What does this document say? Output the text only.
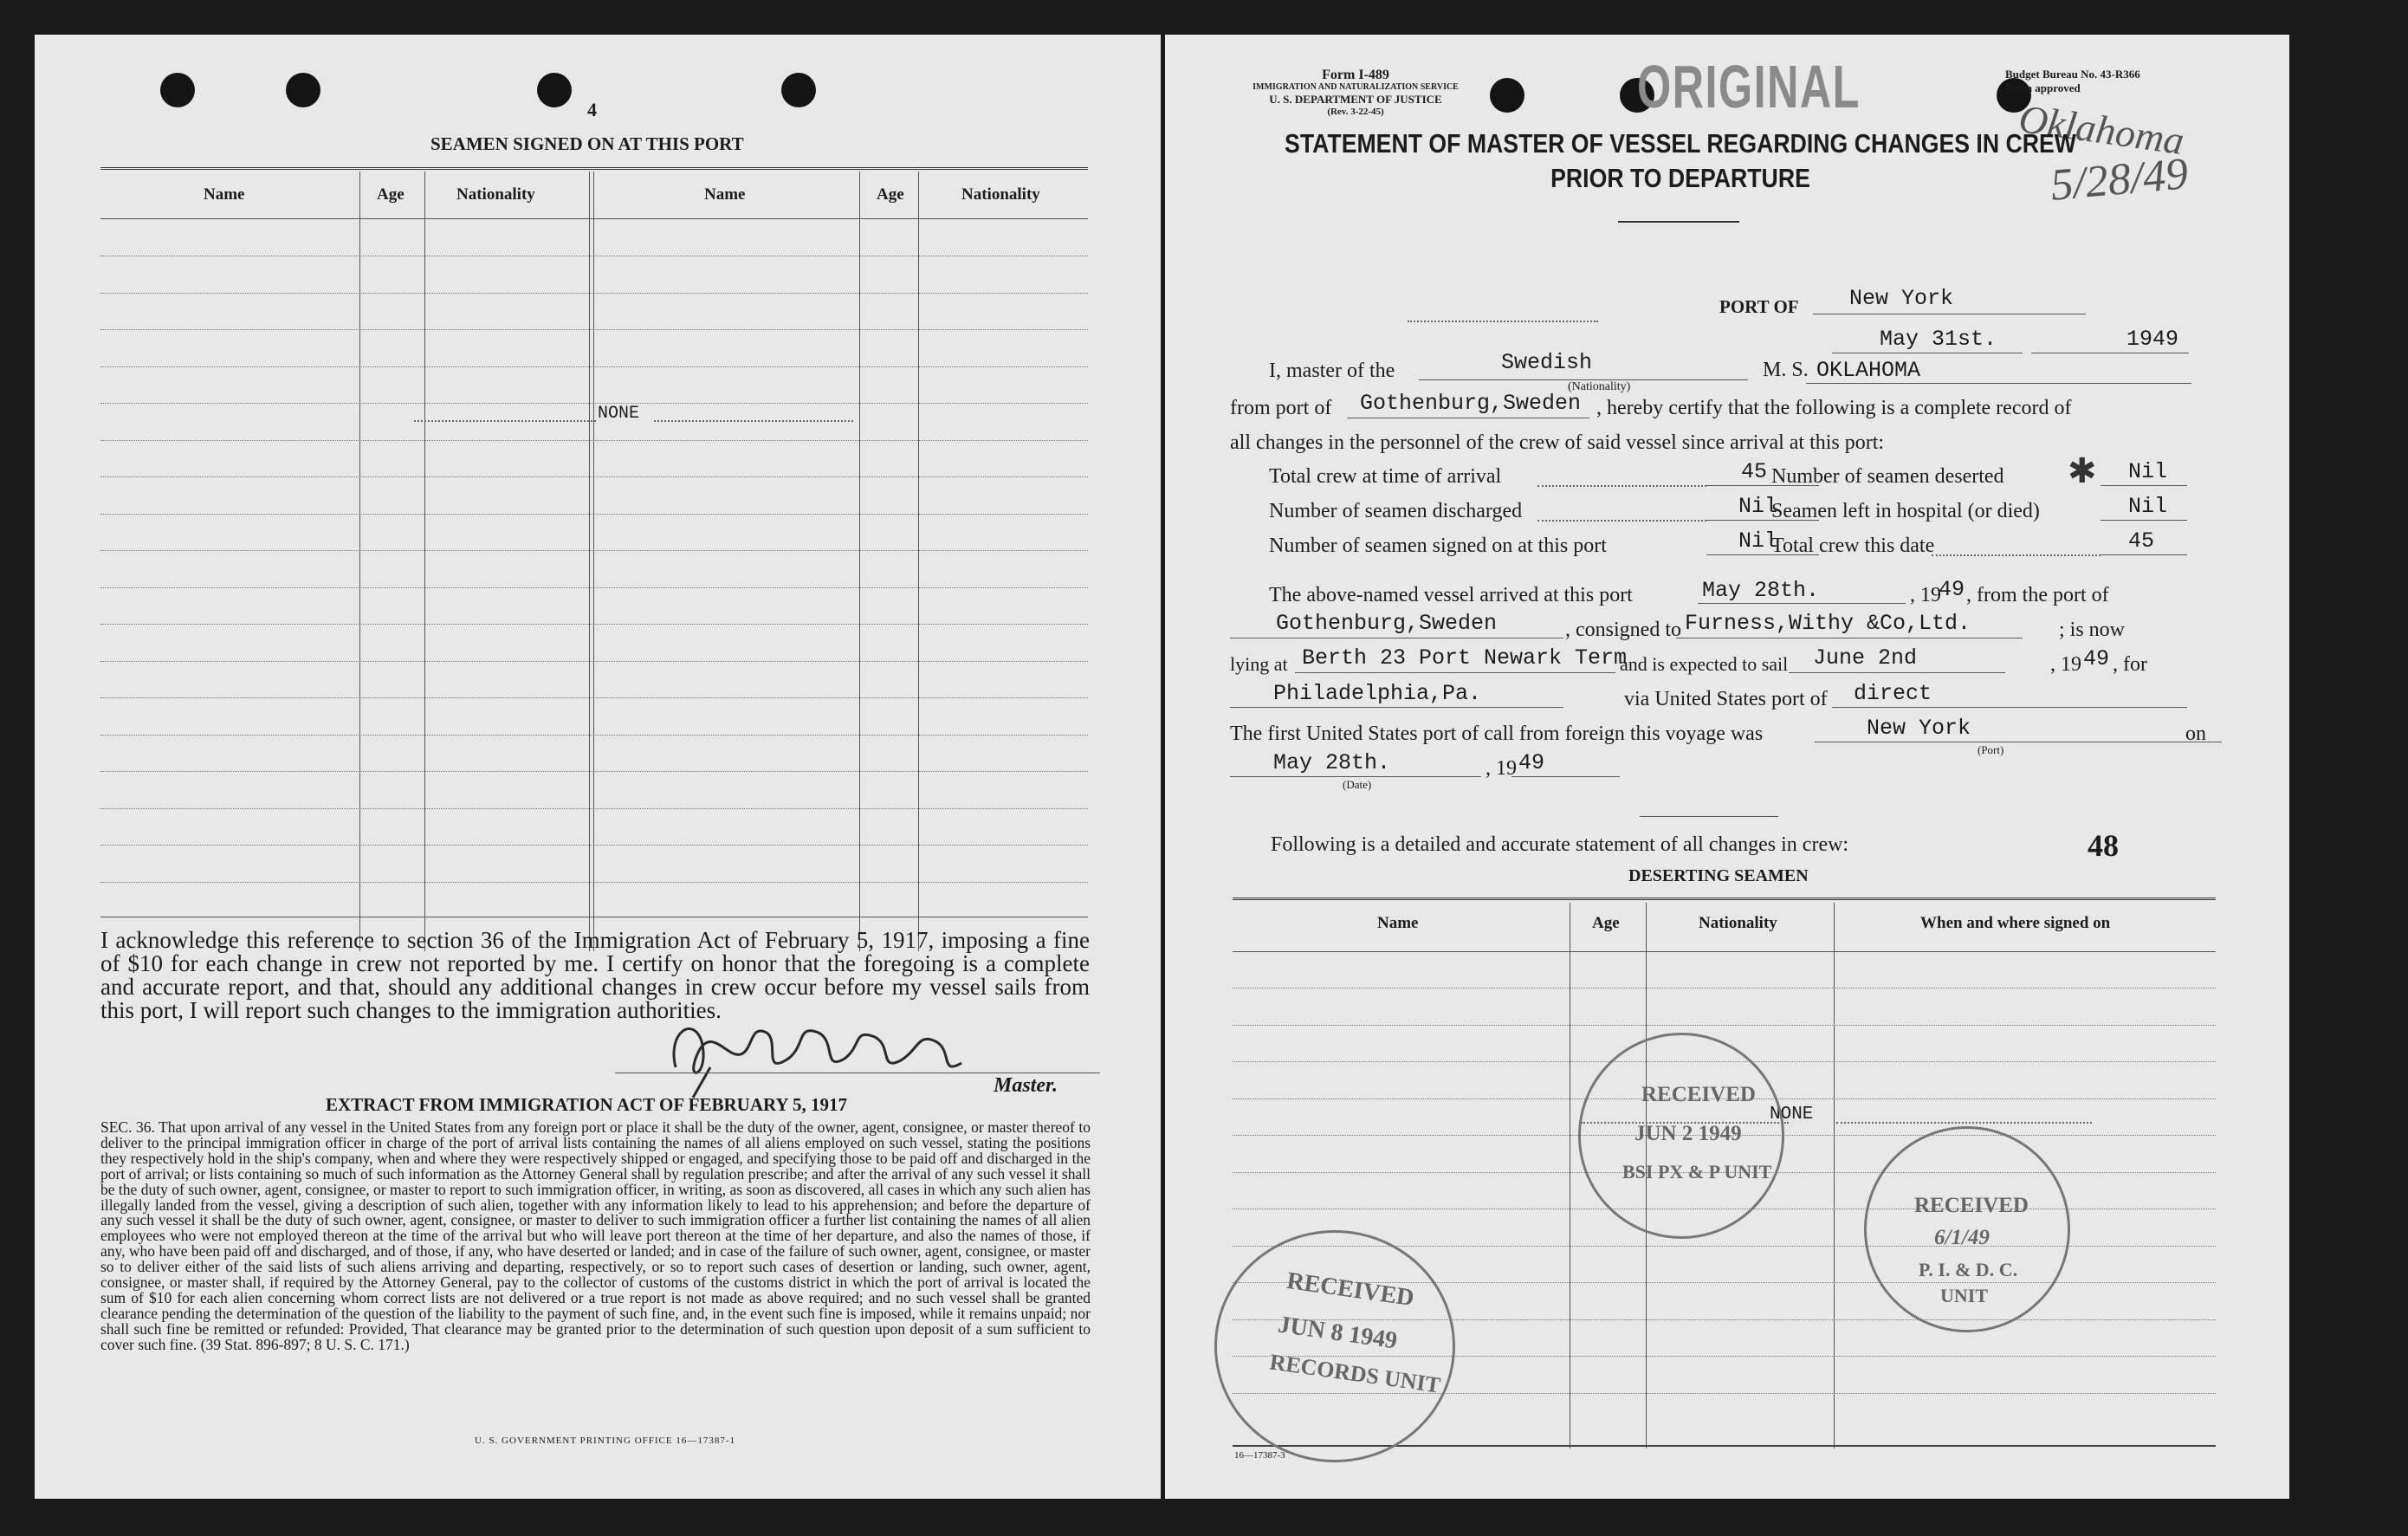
4
SEAMEN SIGNED ON AT THIS PORT
Name	Age	Nationality	Name	Age	Nationality
NONE
I acknowledge this reference to section 36 of the Immigration Act of February 5, 1917, imposing a fine of $10 for each change in crew not reported by me. I certify on honor that the foregoing is a complete and accurate report, and that, should any additional changes in crew occur before my vessel sails from this port, I will report such changes to the immigration authorities.
Master.
EXTRACT FROM IMMIGRATION ACT OF FEBRUARY 5, 1917
SEC. 36. That upon arrival of any vessel in the United States from any foreign port or place it shall be the duty of the owner, agent, consignee, or master thereof to deliver to the principal immigration officer in charge of the port of arrival lists containing the names of all aliens employed on such vessel, stating the positions they respectively hold in the ship's company, when and where they were respectively shipped or engaged, and specifying those to be paid off and discharged in the port of arrival; or lists containing so much of such information as the Attorney General shall by regulation prescribe; and after the arrival of any such vessel it shall be the duty of such owner, agent, consignee, or master to report to such immigration officer, in writing, as soon as discovered, all cases in which any such alien has illegally landed from the vessel, giving a description of such alien, together with any information likely to lead to his apprehension; and before the departure of any such vessel it shall be the duty of such owner, agent, consignee, or master to deliver to such immigration officer a further list containing the names of all alien employees who were not employed thereon at the time of the arrival but who will leave port thereon at the time of her departure, and also the names of those, if any, who have been paid off and discharged, and of those, if any, who have deserted or landed; and in case of the failure of such owner, agent, consignee, or master so to deliver either of the said lists of such aliens arriving and departing, respectively, or so to report such cases of desertion or landing, such owner, agent, consignee, or master shall, if required by the Attorney General, pay to the collector of customs of the customs district in which the port of arrival is located the sum of $10 for each alien concerning whom correct lists are not delivered or a true report is not made as above required; and no such vessel shall be granted clearance pending the determination of the question of the liability to the payment of such fine, and, in the event such fine is imposed, while it remains unpaid; nor shall such fine be remitted or refunded: Provided, That clearance may be granted prior to the determination of such question upon deposit of a sum sufficient to cover such fine. (39 Stat. 896-897; 8 U. S. C. 171.)
U. S. GOVERNMENT PRINTING OFFICE 16—17387-1
Form I-489
IMMIGRATION AND NATURALIZATION SERVICE
U. S. DEPARTMENT OF JUSTICE
(Rev. 3-22-45)	ORIGINAL	Budget Bureau No. 43-R366
Form approved
Oklahoma
5/28/49
STATEMENT OF MASTER OF VESSEL REGARDING CHANGES IN CREW
PRIOR TO DEPARTURE
PORT OF New York
May 31st.	1949
I, master of the	Swedish
(Nationality)
M. S. OKLAHOMA
from port of Gothenburg,Sweden , hereby certify that the following is a complete record of
all changes in the personnel of the crew of said vessel since arrival at this port:
Total crew at time of arrival	45 Number of seamen deserted	Nil
✱
Number of seamen discharged	Nil
Seamen left in hospital (or died)	Nil
Number of seamen signed on at this port	Nil
Total crew this date	45
The above-named vessel arrived at this port	May 28th.	, 19
49 , from the port of
Gothenburg,Sweden	, consigned to Furness,Withy &Co,Ltd.	; is now
lying at Berth 23 Port Newark Term
and is expected to sail June 2nd	, 19 49 , for
Philadelphia,Pa.	via United States port of direct
The first United States port of call from foreign this voyage was	New York
(Port)
on
May 28th.
(Date)
, 19 49
48
Following is a detailed and accurate statement of all changes in crew:
DESERTING SEAMEN
Name	Age	Nationality	When and where signed on
NONE
16—17387-3
RECEIVED
JUN 8 1949
RECORDS UNIT
RECEIVED
JUN 2 1949
BSI PX & P UNIT
RECEIVED
6/1/49
P. I. & D. C.
UNIT
